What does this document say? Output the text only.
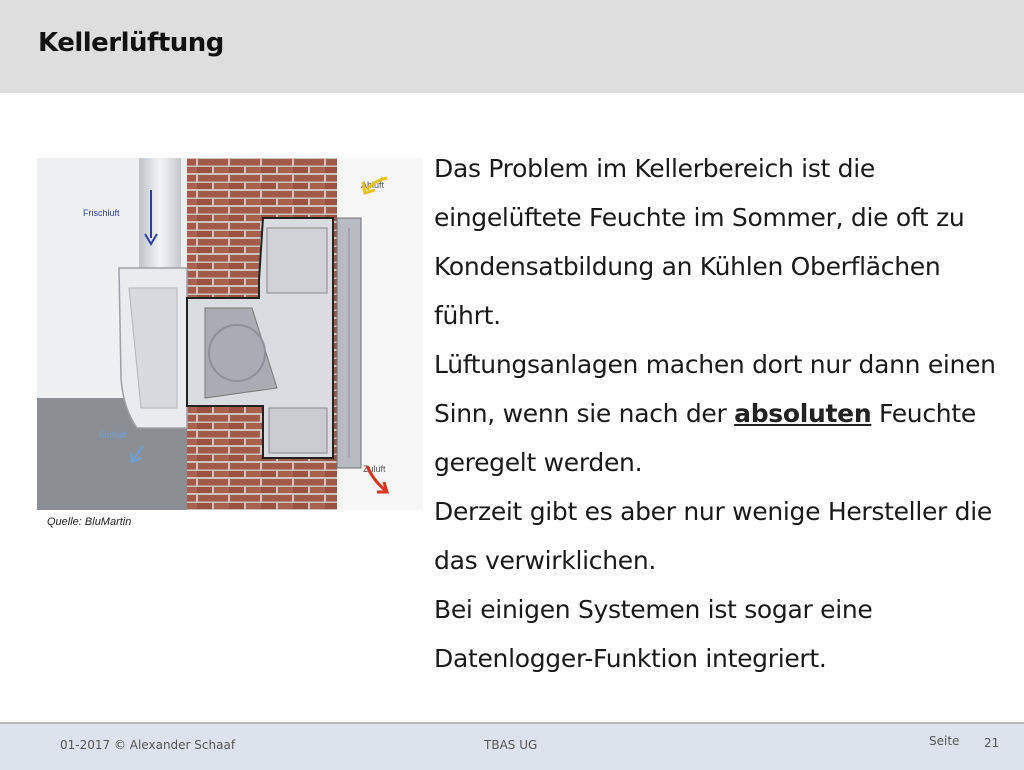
Kellerlüftung
Frischluft
Abluft
Fortluft
Zuluft
Quelle: BluMartin

Das Problem im Kellerbereich ist die eingelüftete Feuchte im Sommer, die oft zu Kondensatbildung an Kühlen Oberflächen führt.

Lüftungsanlagen machen dort nur dann einen Sinn, wenn sie nach der absoluten Feuchte geregelt werden.

Derzeit gibt es aber nur wenige Hersteller die das verwirklichen.

Bei einigen Systemen ist sogar eine Datenlogger-Funktion integriert.

01-2017 © Alexander Schaaf	TBAS UG	Seite 21
